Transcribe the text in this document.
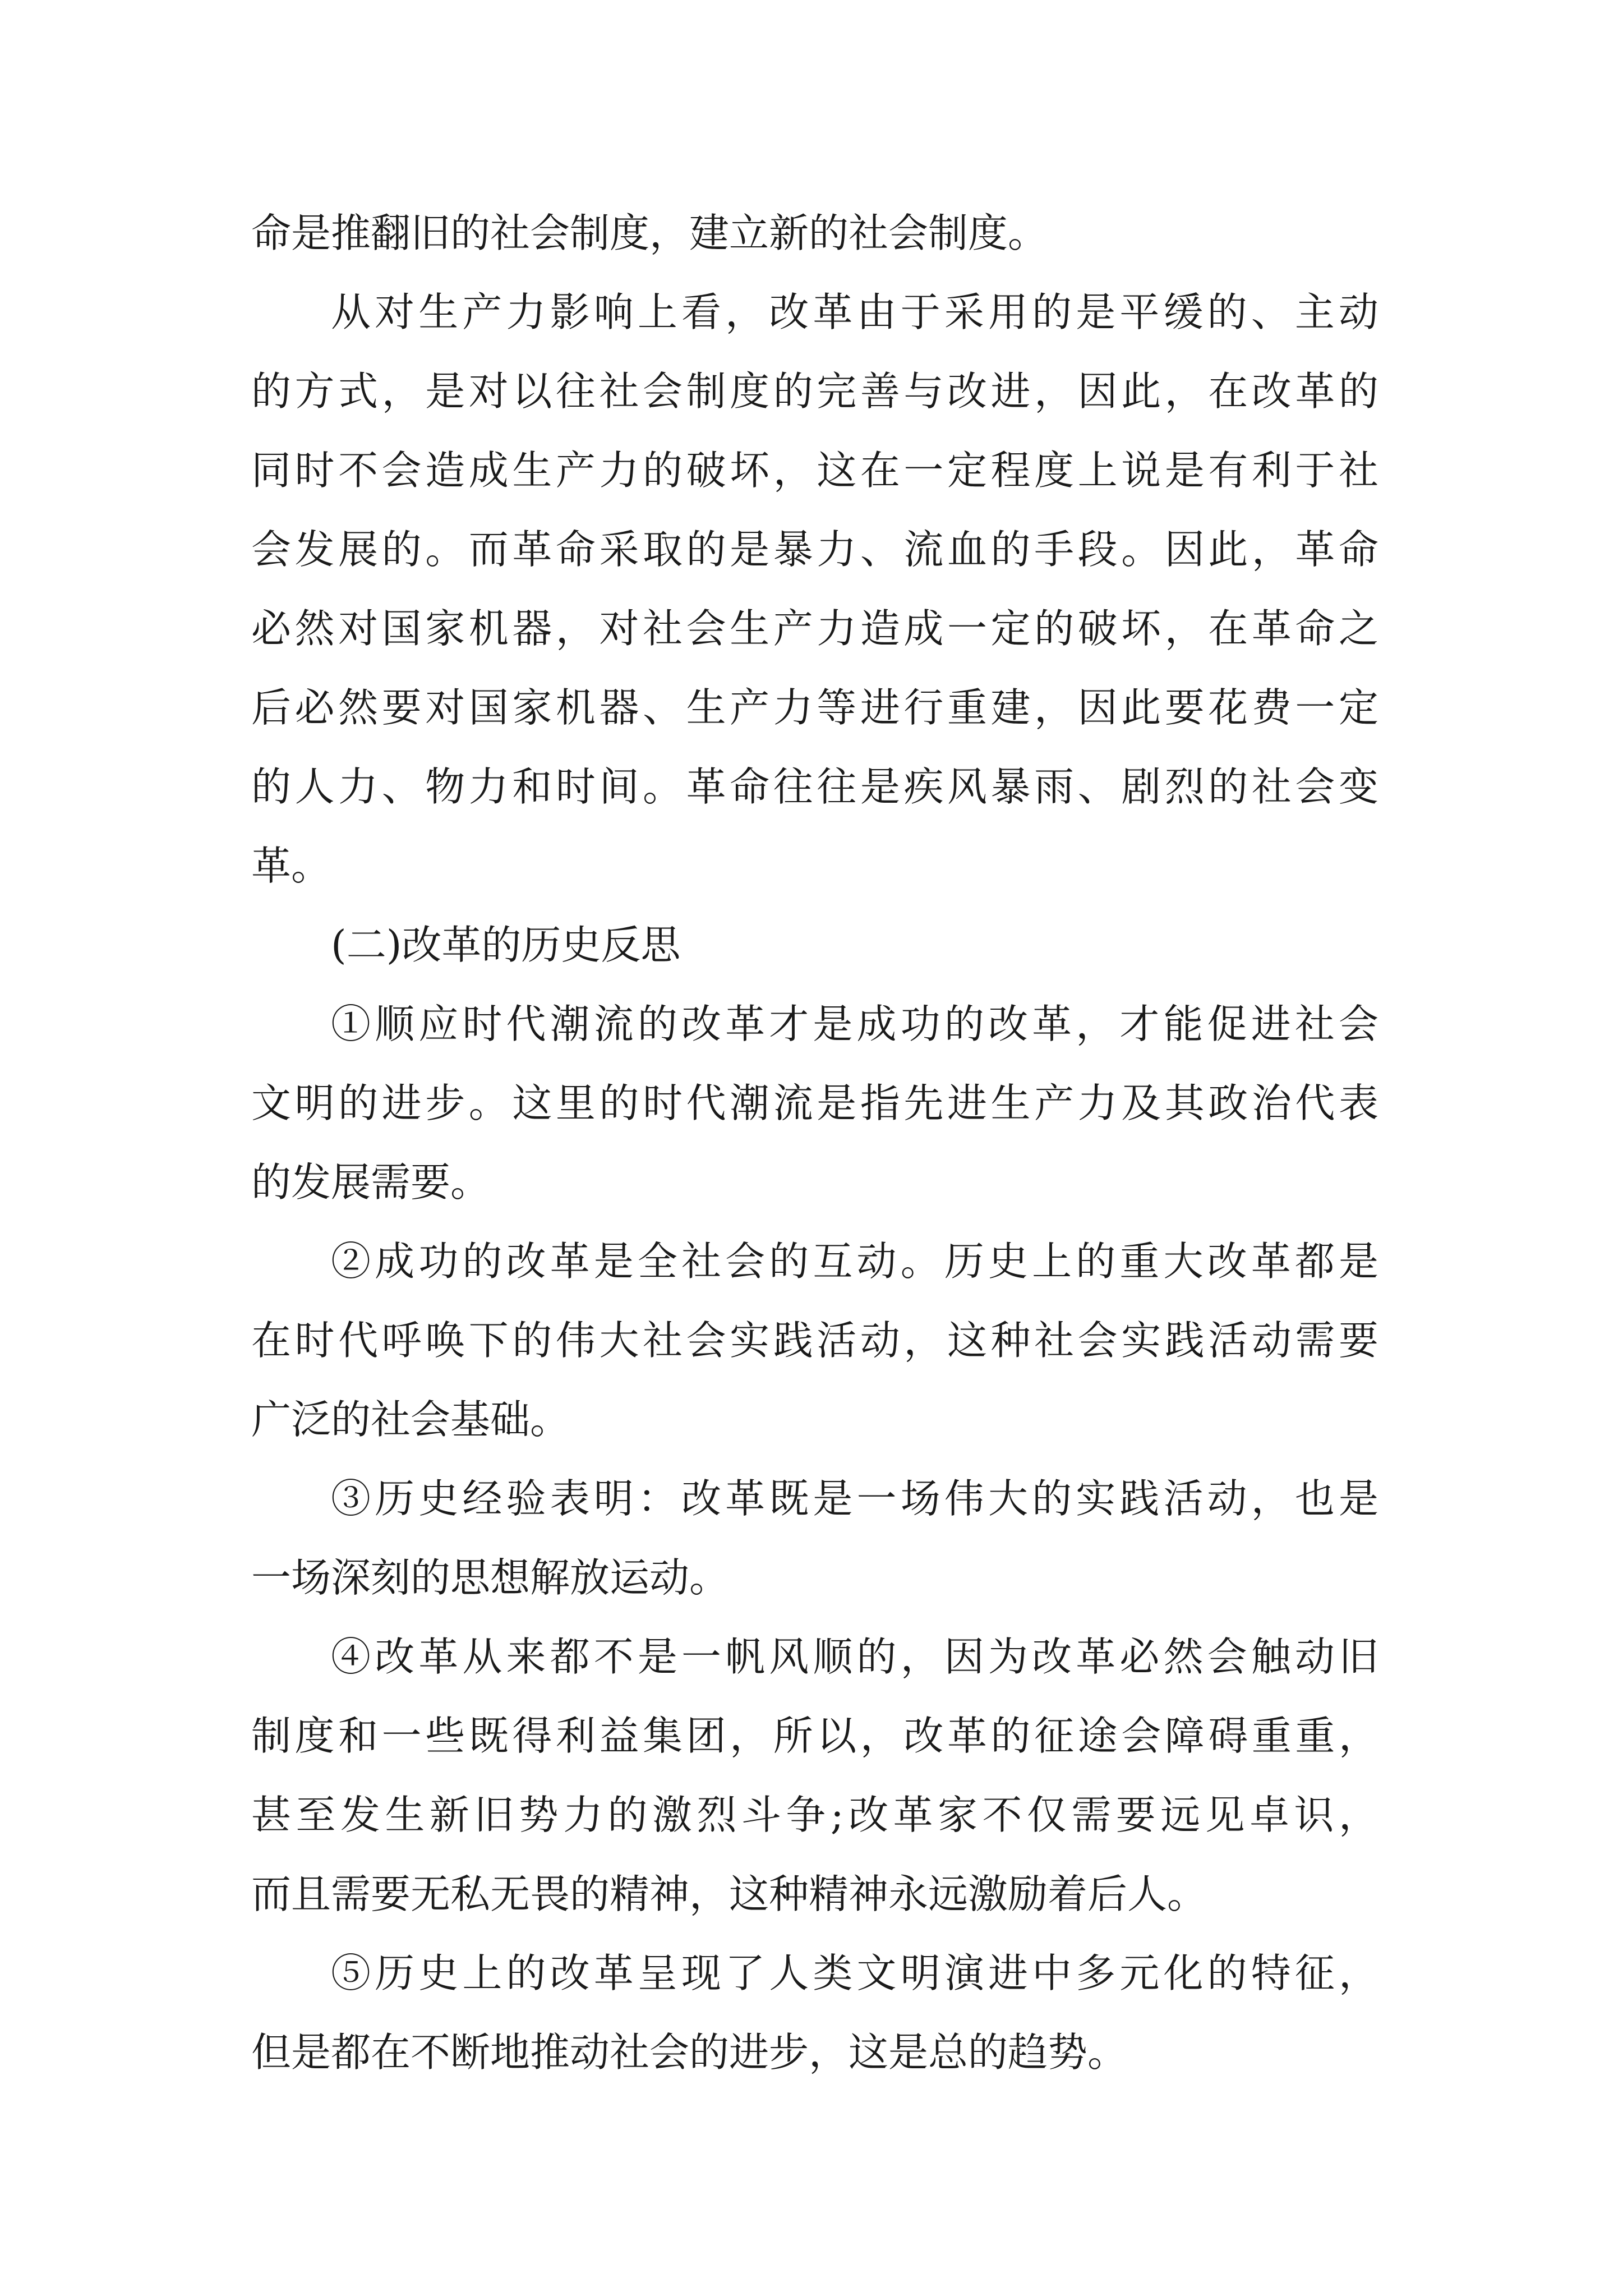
命是推翻旧的社会制度，建立新的社会制度。
从对生产力影响上看，改革由于采用的是平缓的、主动
的方式，是对以往社会制度的完善与改进，因此，在改革的
同时不会造成生产力的破坏，这在一定程度上说是有利于社
会发展的。而革命采取的是暴力、流血的手段。因此，革命
必然对国家机器，对社会生产力造成一定的破坏，在革命之
后必然要对国家机器、生产力等进行重建，因此要花费一定
的人力、物力和时间。革命往往是疾风暴雨、剧烈的社会变
革。
(二)改革的历史反思
①顺应时代潮流的改革才是成功的改革，才能促进社会
文明的进步。这里的时代潮流是指先进生产力及其政治代表
的发展需要。
②成功的改革是全社会的互动。历史上的重大改革都是
在时代呼唤下的伟大社会实践活动，这种社会实践活动需要
广泛的社会基础。
③历史经验表明：改革既是一场伟大的实践活动，也是
一场深刻的思想解放运动。
④改革从来都不是一帆风顺的，因为改革必然会触动旧
制度和一些既得利益集团，所以，改革的征途会障碍重重，
甚至发生新旧势力的激烈斗争;改革家不仅需要远见卓识，
而且需要无私无畏的精神，这种精神永远激励着后人。
⑤历史上的改革呈现了人类文明演进中多元化的特征，
但是都在不断地推动社会的进步，这是总的趋势。
